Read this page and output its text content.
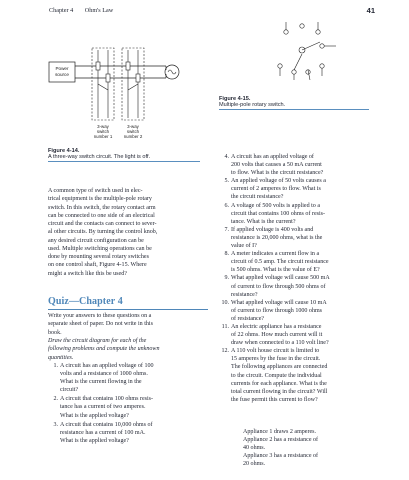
Chapter 4 Ohm's Law	41
Power
source
3-way
switch
number 1
3-way
switch
number 2
Figure 4-14.
A three-way switch circuit. The light is off.
Figure 4-15.
Multiple-pole rotary switch.
A common type of switch used in elec-
trical equipment is the multiple-pole rotary
switch. In this switch, the rotary contact arm
can be connected to one side of an electrical
circuit and the contacts can connect to sever-
al other circuits. By turning the control knob,
any desired circuit configuration can be
used. Multiple switching operations can be
done by mounting several rotary switches
on one control shaft, Figure 4-15. Where
might a switch like this be used?
Quiz—Chapter 4
Write your answers to these questions on a
separate sheet of paper. Do not write in this
book.
Draw the circuit diagram for each of the
following problems and compute the unknown
quantities.
1. A circuit has an applied voltage of 100
volts and a resistance of 1000 ohms.
What is the current flowing in the
circuit?
2. A circuit that contains 100 ohms resis-
tance has a current of two amperes.
What is the applied voltage?
3. A circuit that contains 10,000 ohms of
resistance has a current of 100 mA.
What is the applied voltage?
4. A circuit has an applied voltage of
200 volts that causes a 50 mA current
to flow. What is the circuit resistance?
5. An applied voltage of 50 volts causes a
current of 2 amperes to flow. What is
the circuit resistance?
6. A voltage of 500 volts is applied to a
circuit that contains 100 ohms of resis-
tance. What is the current?
7. If applied voltage is 400 volts and
resistance is 20,000 ohms, what is the
value of I?
8. A meter indicates a current flow in a
circuit of 0.5 amp. The circuit resistance
is 500 ohms. What is the value of E?
9. What applied voltage will cause 500 mA
of current to flow through 500 ohms of
resistance?
10. What applied voltage will cause 10 mA
of current to flow through 1000 ohms
of resistance?
11. An electric appliance has a resistance
of 22 ohms. How much current will it
draw when connected to a 110 volt line?
12. A 110 volt house circuit is limited to
15 amperes by the fuse in the circuit.
The following appliances are connected
to the circuit. Compute the individual
currents for each appliance. What is the
total current flowing in the circuit? Will
the fuse permit this current to flow?
Appliance 1 draws 2 amperes.
Appliance 2 has a resistance of
40 ohms.
Appliance 3 has a resistance of
20 ohms.
